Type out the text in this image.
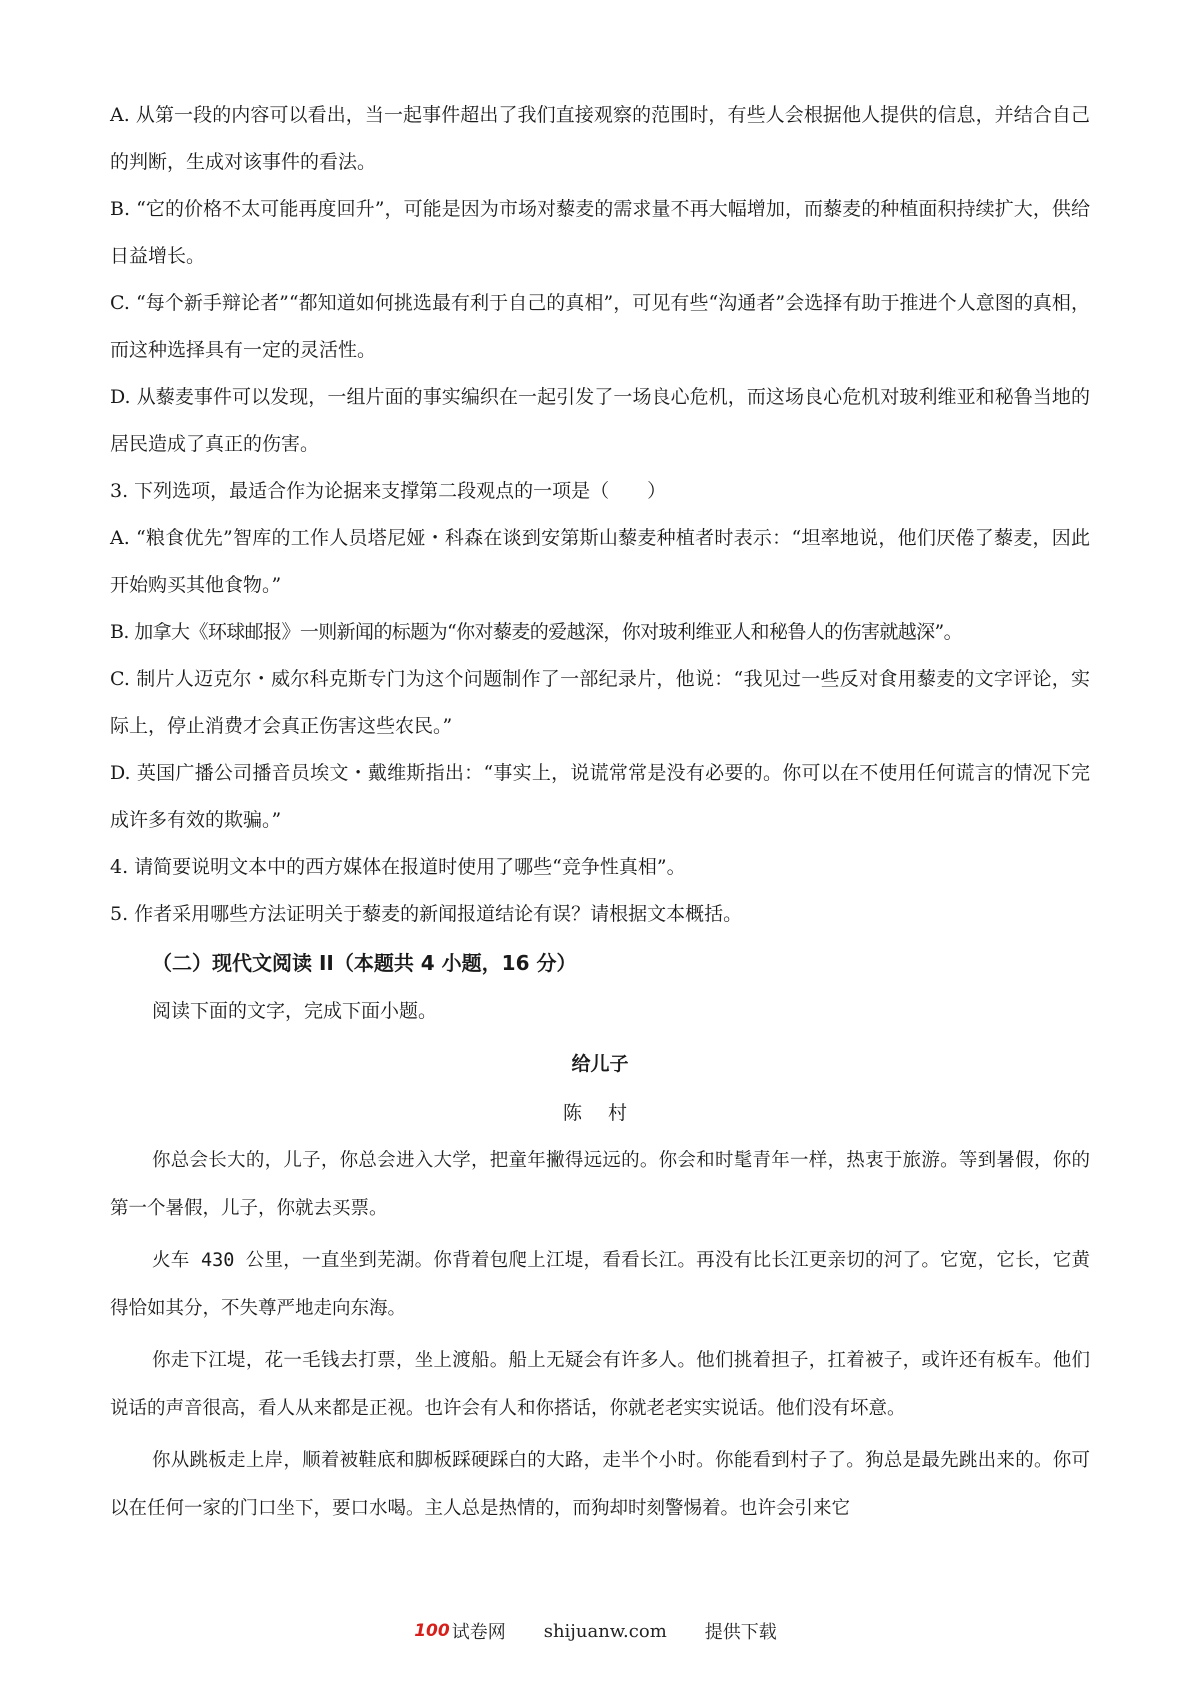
A. 从第一段的内容可以看出，当一起事件超出了我们直接观察的范围时，有些人会根据他人提供的信息，并结合自己的判断，生成对该事件的看法。

B. “它的价格不太可能再度回升”，可能是因为市场对藜麦的需求量不再大幅增加，而藜麦的种植面积持续扩大，供给日益增长。

C. “每个新手辩论者”“都知道如何挑选最有利于自己的真相”，可见有些“沟通者”会选择有助于推进个人意图的真相，而这种选择具有一定的灵活性。

D. 从藜麦事件可以发现，一组片面的事实编织在一起引发了一场良心危机，而这场良心危机对玻利维亚和秘鲁当地的居民造成了真正的伤害。

3. 下列选项，最适合作为论据来支撑第二段观点的一项是（　　）

A. “粮食优先”智库的工作人员塔尼娅・科森在谈到安第斯山藜麦种植者时表示：“坦率地说，他们厌倦了藜麦，因此开始购买其他食物。”

B. 加拿大《环球邮报》一则新闻的标题为“你对藜麦的爱越深，你对玻利维亚人和秘鲁人的伤害就越深”。

C. 制片人迈克尔・威尔科克斯专门为这个问题制作了一部纪录片，他说：“我见过一些反对食用藜麦的文字评论，实际上，停止消费才会真正伤害这些农民。”

D. 英国广播公司播音员埃文・戴维斯指出：“事实上，说谎常常是没有必要的。你可以在不使用任何谎言的情况下完成许多有效的欺骗。”

4. 请简要说明文本中的西方媒体在报道时使用了哪些“竞争性真相”。

5. 作者采用哪些方法证明关于藜麦的新闻报道结论有误？请根据文本概括。

（二）现代文阅读 II（本题共 4 小题，16 分）

阅读下面的文字，完成下面小题。

给儿子

陈 村

你总会长大的，儿子，你总会进入大学，把童年撇得远远的。你会和时髦青年一样，热衷于旅游。等到暑假，你的第一个暑假，儿子，你就去买票。

火车 430 公里，一直坐到芜湖。你背着包爬上江堤，看看长江。再没有比长江更亲切的河了。它宽，它长，它黄得恰如其分，不失尊严地走向东海。

你走下江堤，花一毛钱去打票，坐上渡船。船上无疑会有许多人。他们挑着担子，扛着被子，或许还有板车。他们说话的声音很高，看人从来都是正视。也许会有人和你搭话，你就老老实实说话。他们没有坏意。

你从跳板走上岸，顺着被鞋底和脚板踩硬踩白的大路，走半个小时。你能看到村子了。狗总是最先跳出来的。你可以在任何一家的门口坐下，要口水喝。主人总是热情的，而狗却时刻警惕着。也许会引来它

100 试卷网 shijuanw.com 提供下载
